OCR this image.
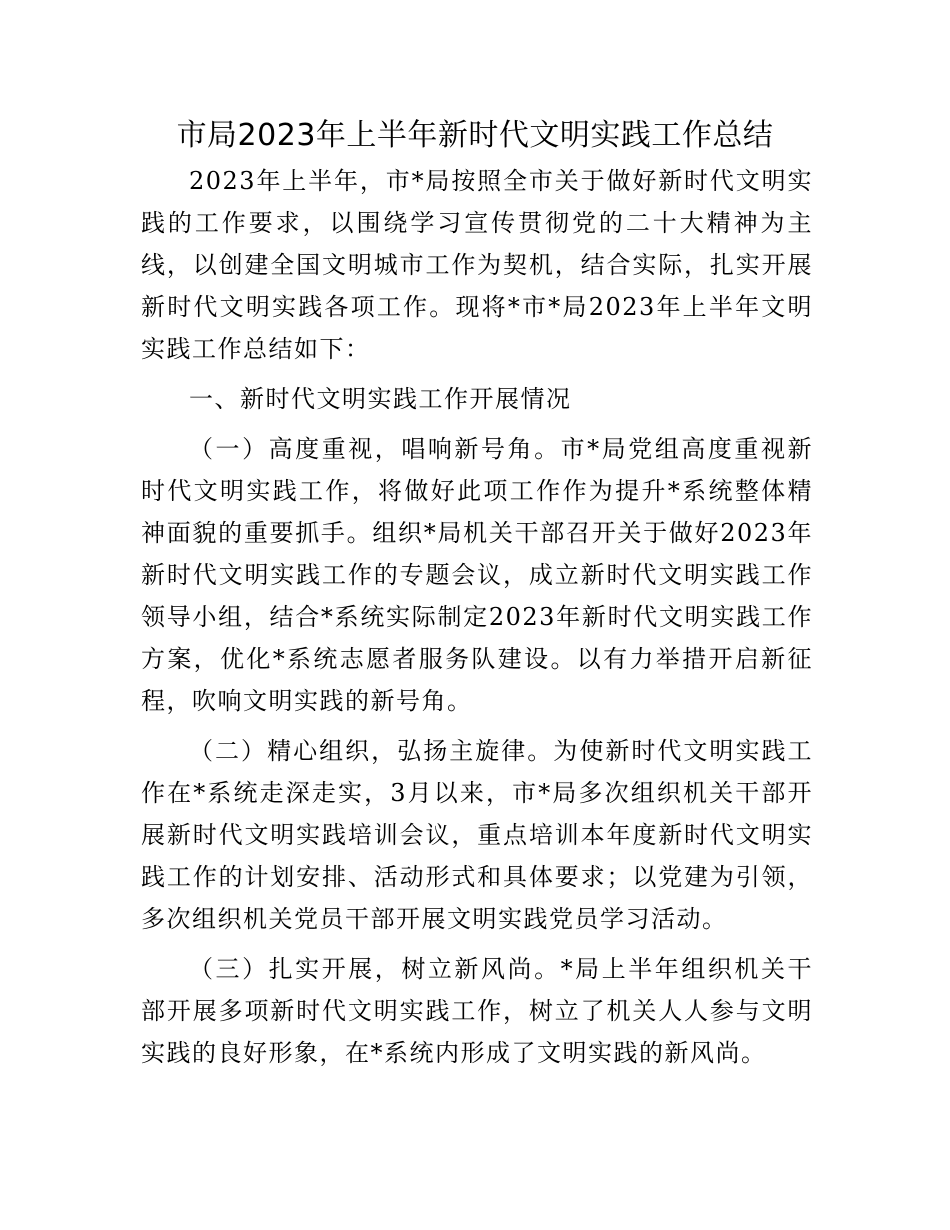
市局2023年上半年新时代文明实践工作总结

2023年上半年，市*局按照全市关于做好新时代文明实践的工作要求，以围绕学习宣传贯彻党的二十大精神为主线，以创建全国文明城市工作为契机，结合实际，扎实开展新时代文明实践各项工作。现将*市*局2023年上半年文明实践工作总结如下：

一、新时代文明实践工作开展情况

（一）高度重视，唱响新号角。市*局党组高度重视新时代文明实践工作，将做好此项工作作为提升*系统整体精神面貌的重要抓手。组织*局机关干部召开关于做好2023年新时代文明实践工作的专题会议，成立新时代文明实践工作领导小组，结合*系统实际制定2023年新时代文明实践工作方案，优化*系统志愿者服务队建设。以有力举措开启新征程，吹响文明实践的新号角。

（二）精心组织，弘扬主旋律。为使新时代文明实践工作在*系统走深走实，3月以来，市*局多次组织机关干部开展新时代文明实践培训会议，重点培训本年度新时代文明实践工作的计划安排、活动形式和具体要求；以党建为引领，多次组织机关党员干部开展文明实践党员学习活动。

（三）扎实开展，树立新风尚。*局上半年组织机关干部开展多项新时代文明实践工作，树立了机关人人参与文明实践的良好形象，在*系统内形成了文明实践的新风尚。
